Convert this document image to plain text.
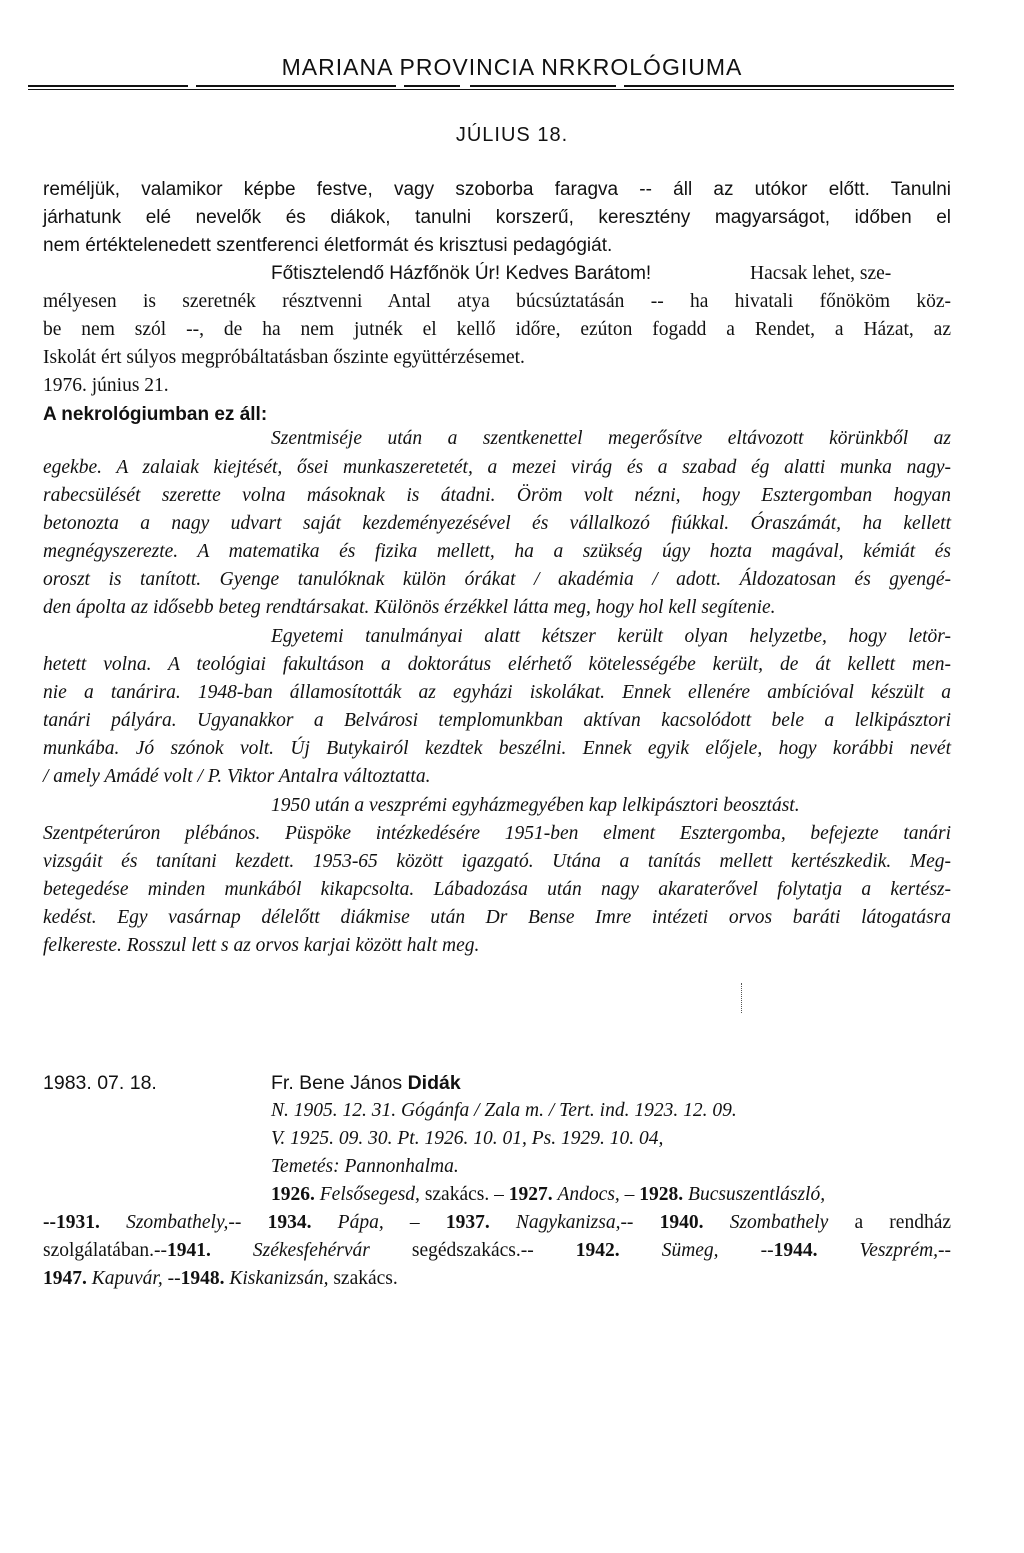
MARIANA PROVINCIA NRKROLÓGIUMA
JÚLIUS 18.
reméljük, valamikor képbe festve, vagy szoborba faragva -- áll az utókor előtt. Tanulni
járhatunk elé nevelők és diákok, tanulni korszerű, keresztény magyarságot, időben el
nem értéktelenedett szentferenci életformát és krisztusi pedagógiát.
Főtisztelendő Házfőnök Úr! Kedves Barátom!	Hacsak lehet, sze-
mélyesen is szeretnék résztvenni Antal atya búcsúztatásán -- ha hivatali főnököm köz-
be nem szól --, de ha nem jutnék el kellő időre, ezúton fogadd a Rendet, a Házat, az
Iskolát ért súlyos megpróbáltatásban őszinte együttérzésemet.
1976. június 21.
A nekrológiumban ez áll:
Szentmiséje után a szentkenettel megerősítve eltávozott körünkből az
egekbe. A zalaiak kiejtését, ősei munkaszeretetét, a mezei virág és a szabad ég alatti munka nagy-
rabecsülését szerette volna másoknak is átadni. Öröm volt nézni, hogy Esztergomban hogyan
betonozta a nagy udvart saját kezdeményezésével és vállalkozó fiúkkal. Óraszámát, ha kellett
megnégyszerezte. A matematika és fizika mellett, ha a szükség úgy hozta magával, kémiát és
oroszt is tanított. Gyenge tanulóknak külön órákat / akadémia / adott. Áldozatosan és gyengé-
den ápolta az idősebb beteg rendtársakat. Különös érzékkel látta meg, hogy hol kell segítenie.
Egyetemi tanulmányai alatt kétszer került olyan helyzetbe, hogy letör-
hetett volna. A teológiai fakultáson a doktorátus elérhető kötelességébe került, de át kellett men-
nie a tanárira. 1948-ban államosították az egyházi iskolákat. Ennek ellenére ambícióval készült a
tanári pályára. Ugyanakkor a Belvárosi templomunkban aktívan kacsolódott bele a lelkipásztori
munkába. Jó szónok volt. Új Butykairól kezdtek beszélni. Ennek egyik előjele, hogy korábbi nevét
/ amely Amádé volt / P. Viktor Antalra változtatta.
1950 után a veszprémi egyházmegyében kap lelkipásztori beosztást.
Szentpéterúron plébános. Püspöke intézkedésére 1951-ben elment Esztergomba, befejezte tanári
vizsgáit és tanítani kezdett. 1953-65 között igazgató. Utána a tanítás mellett kertészkedik. Meg-
betegedése minden munkából kikapcsolta. Lábadozása után nagy akaraterővel folytatja a kertész-
kedést. Egy vasárnap délelőtt diákmise után Dr Bense Imre intézeti orvos baráti látogatásra
felkereste. Rosszul lett s az orvos karjai között halt meg.
1983. 07. 18.	Fr. Bene János Didák
N. 1905. 12. 31. Gógánfa / Zala m. / Tert. ind. 1923. 12. 09.
V. 1925. 09. 30. Pt. 1926. 10. 01, Ps. 1929. 10. 04,
Temetés: Pannonhalma.
1926. Felsősegesd, szakács. – 1927. Andocs, – 1928. Bucsuszentlászló,
--1931. Szombathely,-- 1934. Pápa, – 1937. Nagykanizsa,-- 1940. Szombathely a rendház
szolgálatában.--1941. Székesfehérvár segédszakács.-- 1942. Sümeg, --1944. Veszprém,--
1947. Kapuvár, --1948. Kiskanizsán, szakács.
